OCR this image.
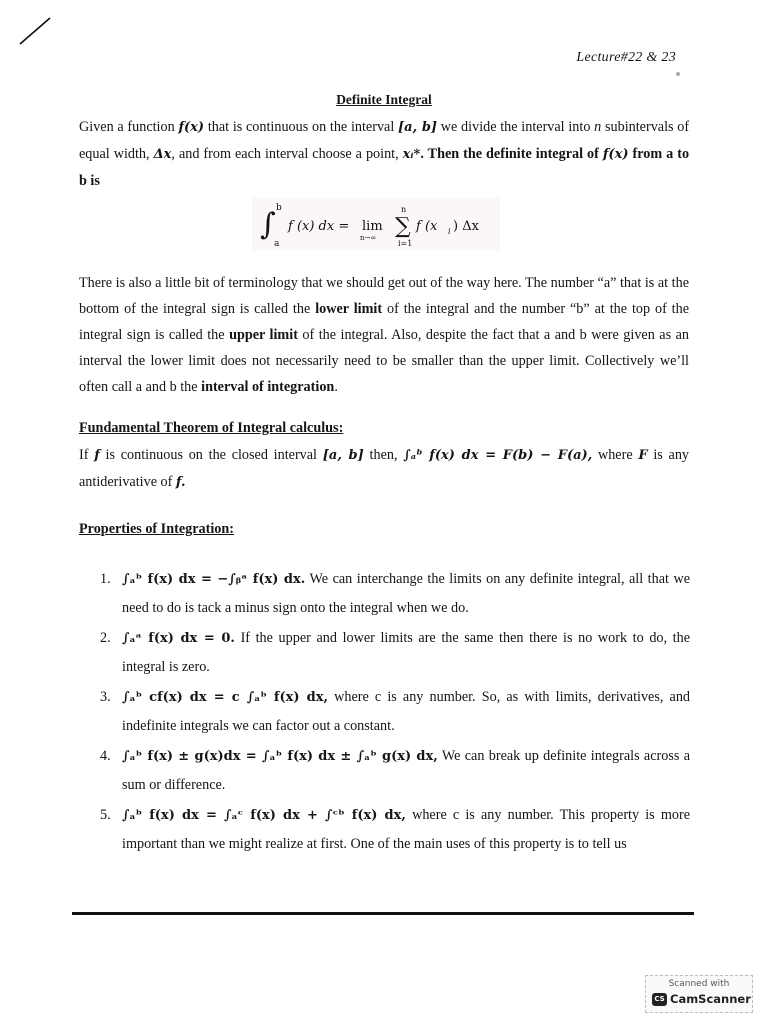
Lecture#22 & 23
Definite Integral
Given a function f(x) that is continuous on the interval [a, b] we divide the interval into n subintervals of equal width, Δx, and from each interval choose a point, xᵢ*. Then the definite integral of f(x) from a to b is
∫ b
a
f (x) dx = lim
n→∞ ∑
n
i=1
f (x i ) Δx
There is also a little bit of terminology that we should get out of the way here. The number “a” that is at the bottom of the integral sign is called the lower limit of the integral and the number “b” at the top of the integral sign is called the upper limit of the integral. Also, despite the fact that a and b were given as an interval the lower limit does not necessarily need to be smaller than the upper limit. Collectively we’ll often call a and b the interval of integration.
Fundamental Theorem of Integral calculus:
If f is continuous on the closed interval [a, b] then, ∫ₐᵇ f(x) dx = F(b) − F(a), where F is any antiderivative of f.
Properties of Integration:
1. ∫ₐᵇ f(x) dx = −∫ᵦᵃ f(x) dx. We can interchange the limits on any definite integral, all that we need to do is tack a minus sign onto the integral when we do.
2. ∫ₐᵃ f(x) dx = 0. If the upper and lower limits are the same then there is no work to do, the integral is zero.
3. ∫ₐᵇ cf(x) dx = c ∫ₐᵇ f(x) dx, where c is any number. So, as with limits, derivatives, and indefinite integrals we can factor out a constant.
4. ∫ₐᵇ f(x) ± g(x)dx = ∫ₐᵇ f(x) dx ± ∫ₐᵇ g(x) dx, We can break up definite integrals across a sum or difference.
5. ∫ₐᵇ f(x) dx = ∫ₐᶜ f(x) dx + ∫ᶜᵇ f(x) dx, where c is any number. This property is more important than we might realize at first. One of the main uses of this property is to tell us
Scanned with
CS CamScanner
